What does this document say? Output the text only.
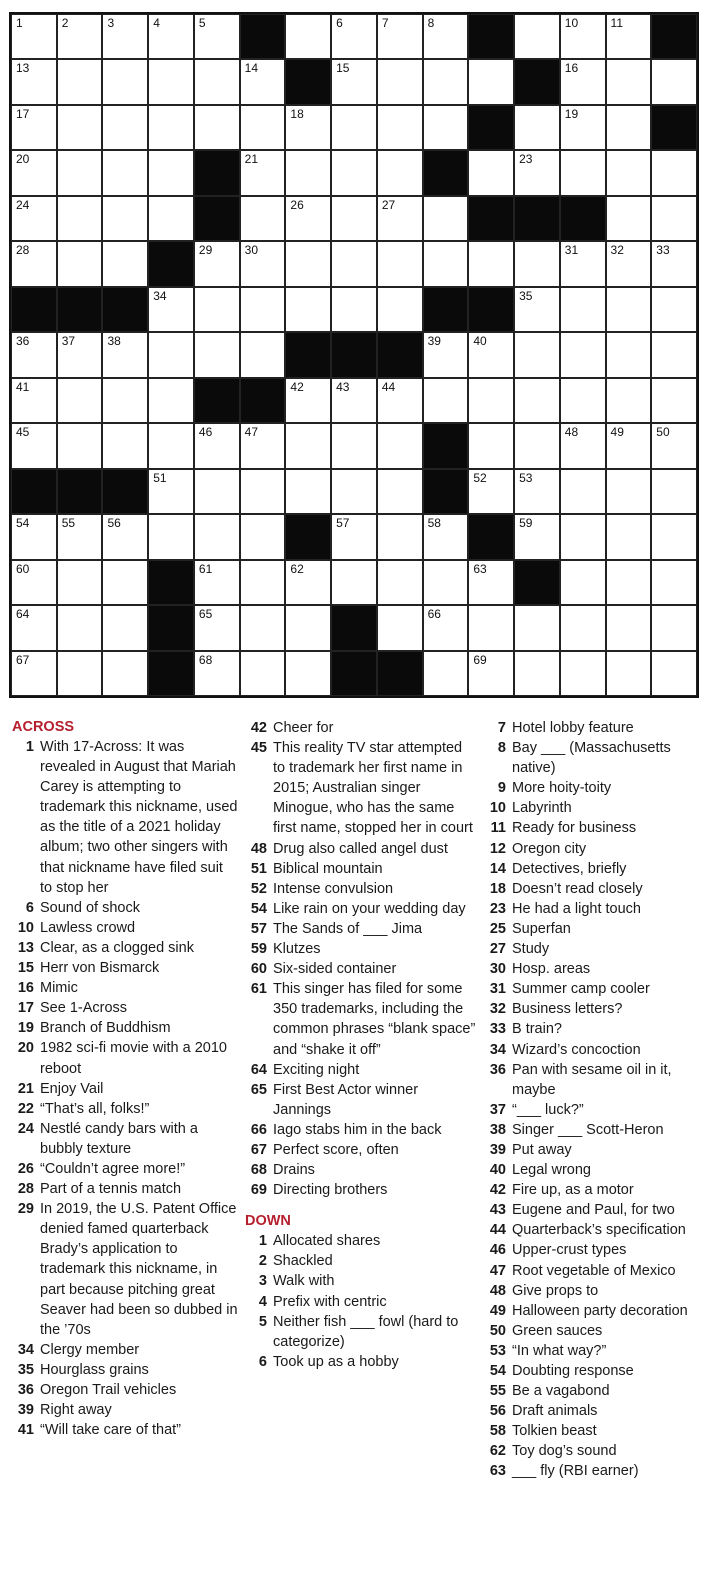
1	2	3	4	5	6	7	8	10	11
13	14	15	16
17	18	19
20	21	23
24	26	27
28	29	30	31	32	33
34	35
36	37	38	39	40
41	42	43	44
45	46	47	48	49	50
51	52	53
54	55	56	57	58	59
60	61	62	63
64	65	66
67	68	69
ACROSS
1 With 17-Across: It was revealed in August that Mariah Carey is attempting to trademark this nickname, used as the title of a 2021 holiday album; two other singers with that nickname have filed suit to stop her
6 Sound of shock
10 Lawless crowd
13 Clear, as a clogged sink
15 Herr von Bismarck
16 Mimic
17 See 1-Across
19 Branch of Buddhism
20 1982 sci-fi movie with a 2010 reboot
21 Enjoy Vail
22 “That’s all, folks!”
24 Nestlé candy bars with a bubbly texture
26 “Couldn’t agree more!”
28 Part of a tennis match
29 In 2019, the U.S. Patent Office denied famed quarterback Brady’s application to trademark this nickname, in part because pitching great Seaver had been so dubbed in the ’70s
34 Clergy member
35 Hourglass grains
36 Oregon Trail vehicles
39 Right away
41 “Will take care of that”
42 Cheer for
45 This reality TV star attempted to trademark her first name in 2015; Australian singer Minogue, who has the same first name, stopped her in court
48 Drug also called angel dust
51 Biblical mountain
52 Intense convulsion
54 Like rain on your wedding day
57 The Sands of ___ Jima
59 Klutzes
60 Six-sided container
61 This singer has filed for some 350 trademarks, including the common phrases “blank space” and “shake it off”
64 Exciting night
65 First Best Actor winner Jannings
66 Iago stabs him in the back
67 Perfect score, often
68 Drains
69 Directing brothers
DOWN
1 Allocated shares
2 Shackled
3 Walk with
4 Prefix with centric
5 Neither fish ___ fowl (hard to categorize)
6 Took up as a hobby
7 Hotel lobby feature
8 Bay ___ (Massachusetts native)
9 More hoity-toity
10 Labyrinth
11 Ready for business
12 Oregon city
14 Detectives, briefly
18 Doesn’t read closely
23 He had a light touch
25 Superfan
27 Study
30 Hosp. areas
31 Summer camp cooler
32 Business letters?
33 B train?
34 Wizard’s concoction
36 Pan with sesame oil in it, maybe
37 “___ luck?”
38 Singer ___ Scott-Heron
39 Put away
40 Legal wrong
42 Fire up, as a motor
43 Eugene and Paul, for two
44 Quarterback’s specification
46 Upper-crust types
47 Root vegetable of Mexico
48 Give props to
49 Halloween party decoration
50 Green sauces
53 “In what way?”
54 Doubting response
55 Be a vagabond
56 Draft animals
58 Tolkien beast
62 Toy dog’s sound
63 ___ fly (RBI earner)
